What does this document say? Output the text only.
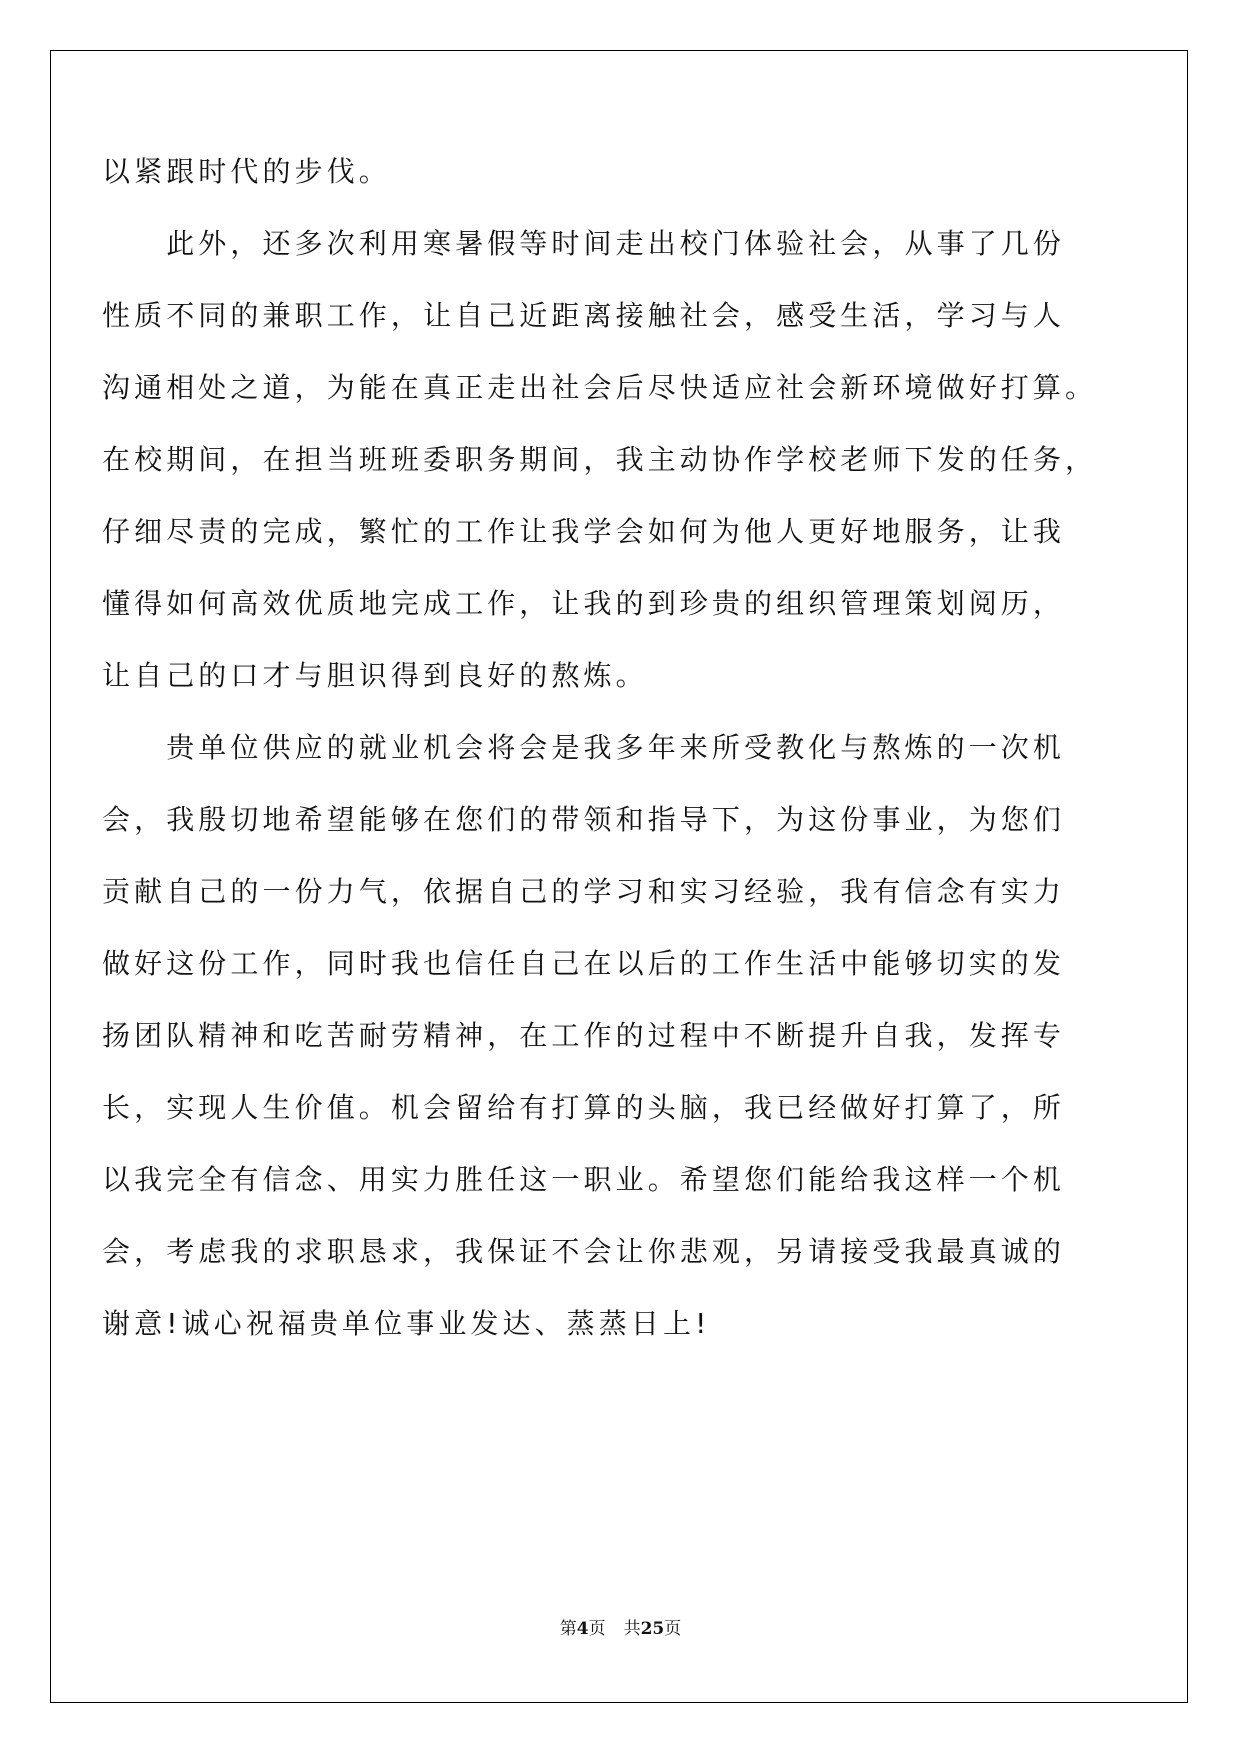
以紧跟时代的步伐。
　　此外，还多次利用寒暑假等时间走出校门体验社会，从事了几份
性质不同的兼职工作，让自己近距离接触社会，感受生活，学习与人
沟通相处之道，为能在真正走出社会后尽快适应社会新环境做好打算。
在校期间，在担当班班委职务期间，我主动协作学校老师下发的任务，
仔细尽责的完成，繁忙的工作让我学会如何为他人更好地服务，让我
懂得如何高效优质地完成工作，让我的到珍贵的组织管理策划阅历，
让自己的口才与胆识得到良好的熬炼。
　　贵单位供应的就业机会将会是我多年来所受教化与熬炼的一次机
会，我殷切地希望能够在您们的带领和指导下，为这份事业，为您们
贡献自己的一份力气，依据自己的学习和实习经验，我有信念有实力
做好这份工作，同时我也信任自己在以后的工作生活中能够切实的发
扬团队精神和吃苦耐劳精神，在工作的过程中不断提升自我，发挥专
长，实现人生价值。机会留给有打算的头脑，我已经做好打算了，所
以我完全有信念、用实力胜任这一职业。希望您们能给我这样一个机
会，考虑我的求职恳求，我保证不会让你悲观，另请接受我最真诚的
谢意!诚心祝福贵单位事业发达、蒸蒸日上!
第4页 共25页
